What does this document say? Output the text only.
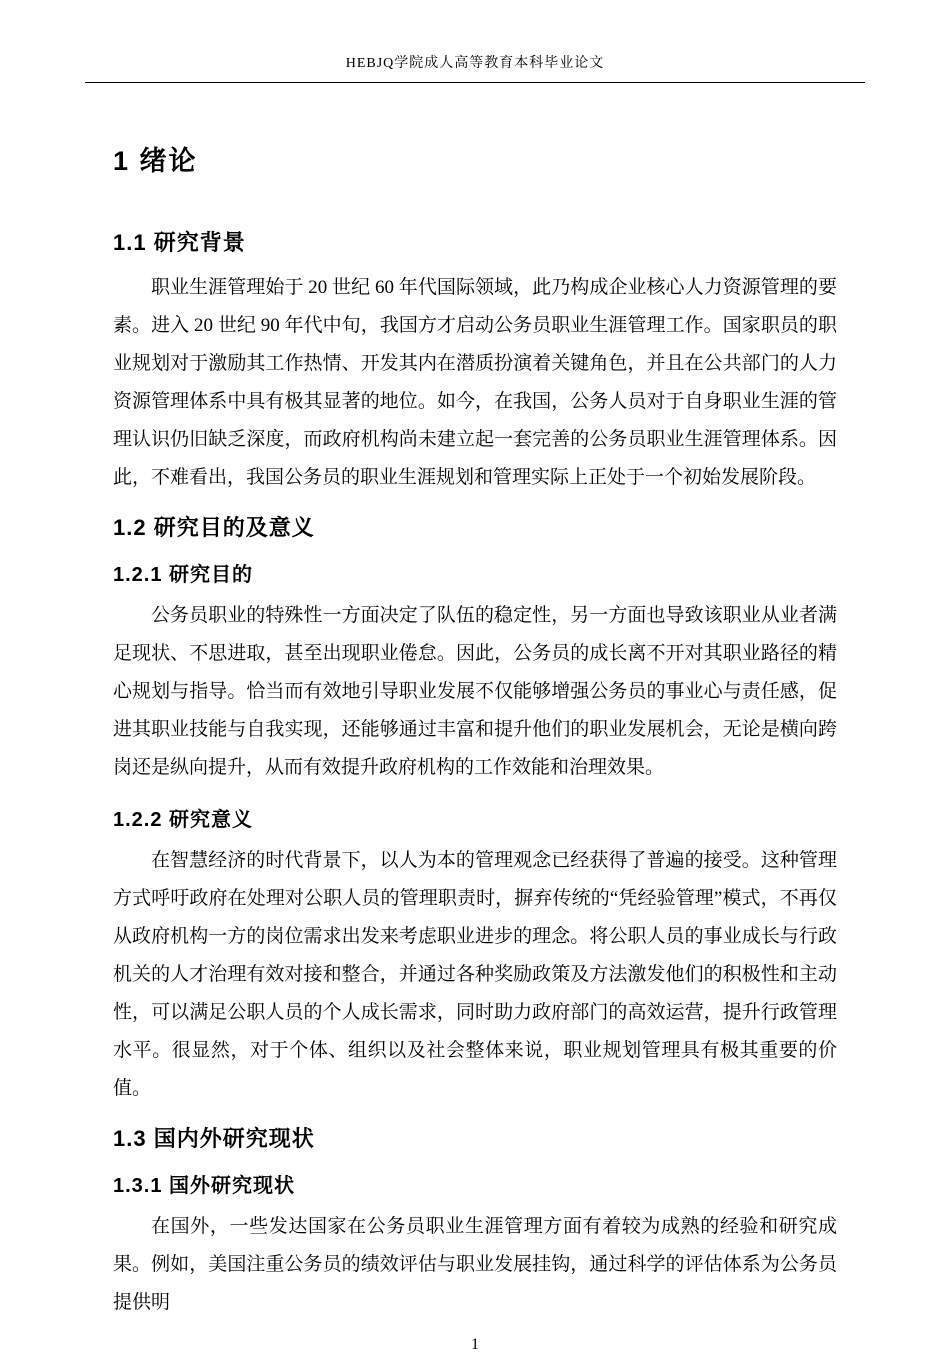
HEBJQ学院成人高等教育本科毕业论文
1 绪论
1.1 研究背景

职业生涯管理始于 20 世纪 60 年代国际领域，此乃构成企业核心人力资源管理的要素。进入 20 世纪 90 年代中旬，我国方才启动公务员职业生涯管理工作。国家职员的职业规划对于激励其工作热情、开发其内在潜质扮演着关键角色，并且在公共部门的人力资源管理体系中具有极其显著的地位。如今，在我国，公务人员对于自身职业生涯的管理认识仍旧缺乏深度，而政府机构尚未建立起一套完善的公务员职业生涯管理体系。因此，不难看出，我国公务员的职业生涯规划和管理实际上正处于一个初始发展阶段。

1.2 研究目的及意义
1.2.1 研究目的

公务员职业的特殊性一方面决定了队伍的稳定性，另一方面也导致该职业从业者满足现状、不思进取，甚至出现职业倦怠。因此，公务员的成长离不开对其职业路径的精心规划与指导。恰当而有效地引导职业发展不仅能够增强公务员的事业心与责任感，促进其职业技能与自我实现，还能够通过丰富和提升他们的职业发展机会，无论是横向跨岗还是纵向提升，从而有效提升政府机构的工作效能和治理效果。

1.2.2 研究意义

在智慧经济的时代背景下，以人为本的管理观念已经获得了普遍的接受。这种管理方式呼吁政府在处理对公职人员的管理职责时，摒弃传统的“凭经验管理”模式，不再仅从政府机构一方的岗位需求出发来考虑职业进步的理念。将公职人员的事业成长与行政机关的人才治理有效对接和整合，并通过各种奖励政策及方法激发他们的积极性和主动性，可以满足公职人员的个人成长需求，同时助力政府部门的高效运营，提升行政管理水平。很显然，对于个体、组织以及社会整体来说，职业规划管理具有极其重要的价值。

1.3 国内外研究现状
1.3.1 国外研究现状

在国外，一些发达国家在公务员职业生涯管理方面有着较为成熟的经验和研究成果。例如，美国注重公务员的绩效评估与职业发展挂钩，通过科学的评估体系为公务员提供明

1
